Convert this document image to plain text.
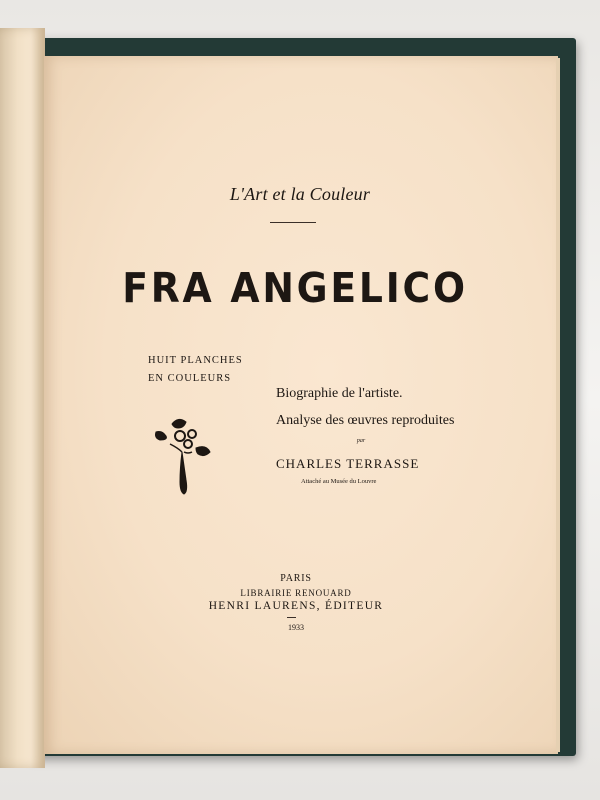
L'Art et la Couleur
FRA ANGELICO
HUIT PLANCHES
EN COULEURS
Biographie de l'artiste.
Analyse des œuvres reproduites
par
CHARLES TERRASSE
Attaché au Musée du Louvre
PARIS
LIBRAIRIE RENOUARD
HENRI LAURENS, ÉDITEUR
1933
